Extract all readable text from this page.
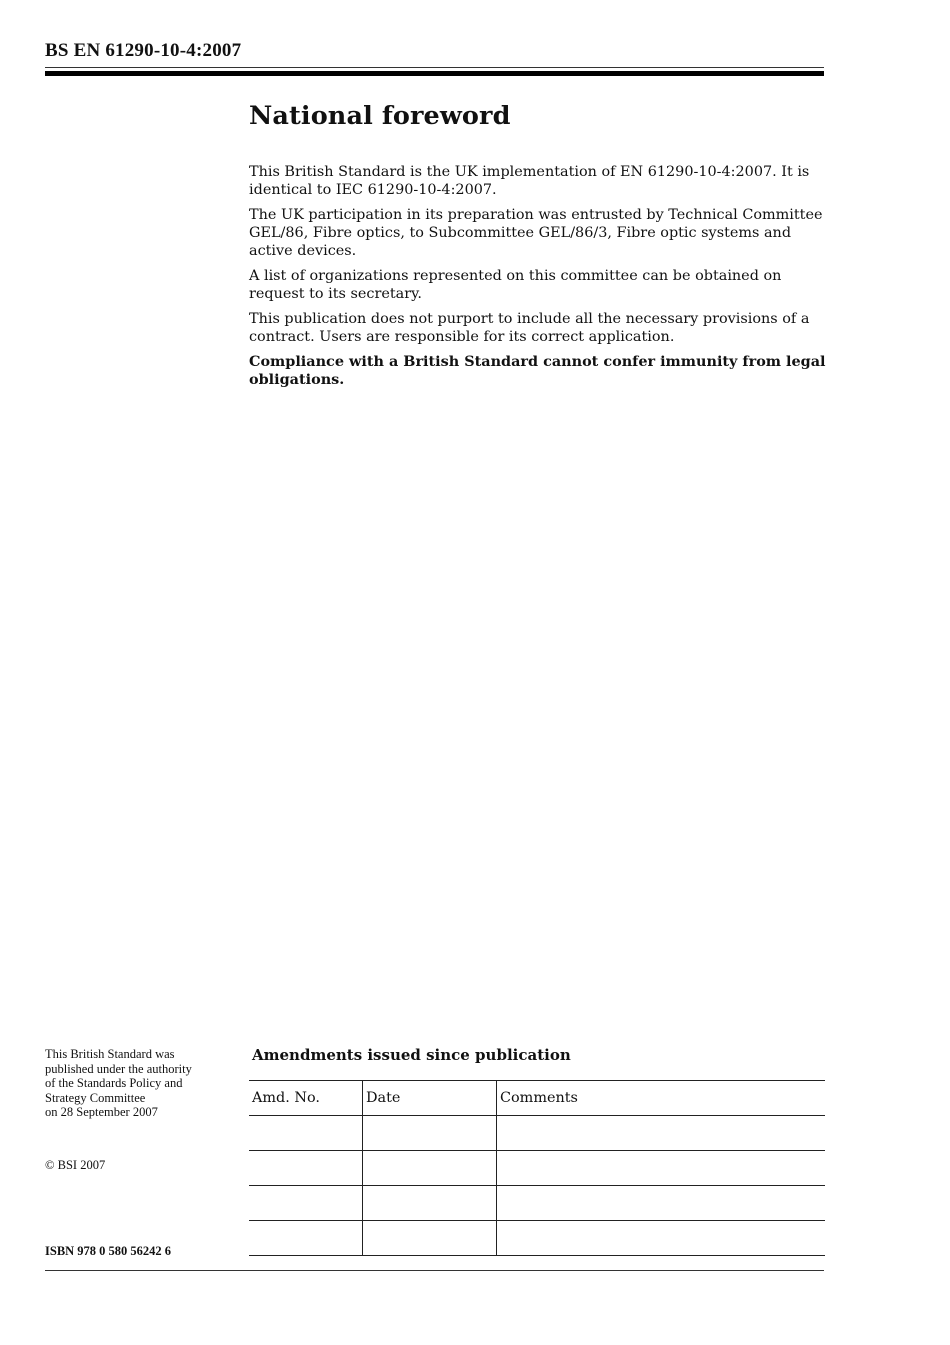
BS EN 61290-10-4:2007
National foreword

This British Standard is the UK implementation of EN 61290-10-4:2007. It is identical to IEC 61290-10-4:2007.

The UK participation in its preparation was entrusted by Technical Committee GEL/86, Fibre optics, to Subcommittee GEL/86/3, Fibre optic systems and active devices.

A list of organizations represented on this committee can be obtained on request to its secretary.

This publication does not purport to include all the necessary provisions of a contract. Users are responsible for its correct application.

Compliance with a British Standard cannot confer immunity from legal obligations.

This British Standard was
published under the authority
of the Standards Policy and
Strategy Committee
on 28 September 2007
© BSI 2007
ISBN 978 0 580 56242 6
Amendments issued since publication
Amd. No.	Date	Comments
